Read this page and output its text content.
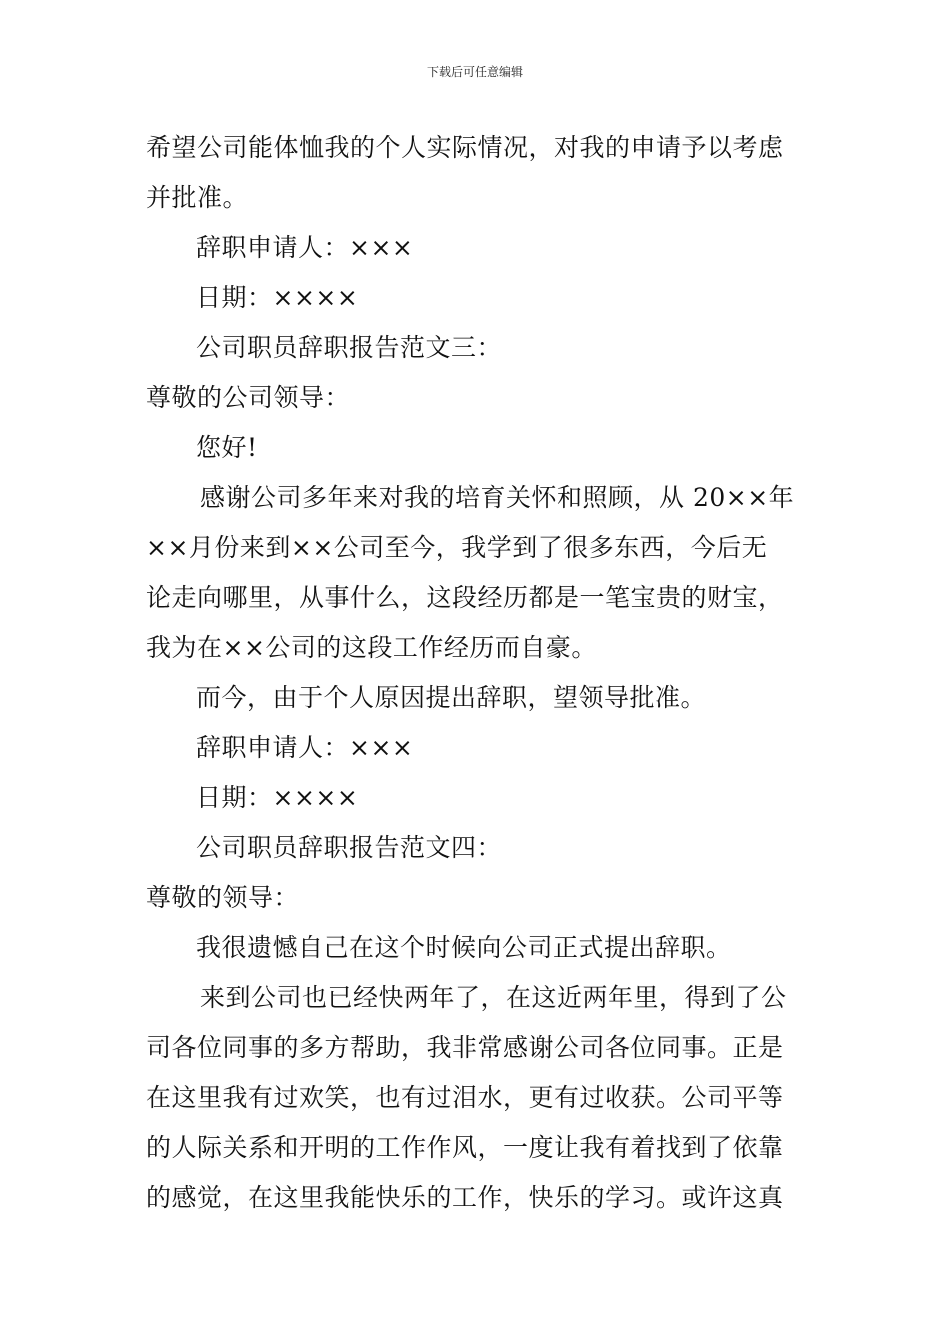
下载后可任意编辑
希望公司能体恤我的个人实际情况，对我的申请予以考虑
并批准。
辞职申请人：×××
日期：××××
公司职员辞职报告范文三：
尊敬的公司领导：
您好!
感谢公司多年来对我的培育关怀和照顾，从 20××年
××月份来到××公司至今，我学到了很多东西，今后无
论走向哪里，从事什么，这段经历都是一笔宝贵的财宝，
我为在××公司的这段工作经历而自豪。
而今，由于个人原因提出辞职，望领导批准。
辞职申请人：×××
日期：××××
公司职员辞职报告范文四：
尊敬的领导：
我很遗憾自己在这个时候向公司正式提出辞职。
来到公司也已经快两年了，在这近两年里，得到了公
司各位同事的多方帮助，我非常感谢公司各位同事。正是
在这里我有过欢笑，也有过泪水，更有过收获。公司平等
的人际关系和开明的工作作风，一度让我有着找到了依靠
的感觉，在这里我能快乐的工作，快乐的学习。或许这真
